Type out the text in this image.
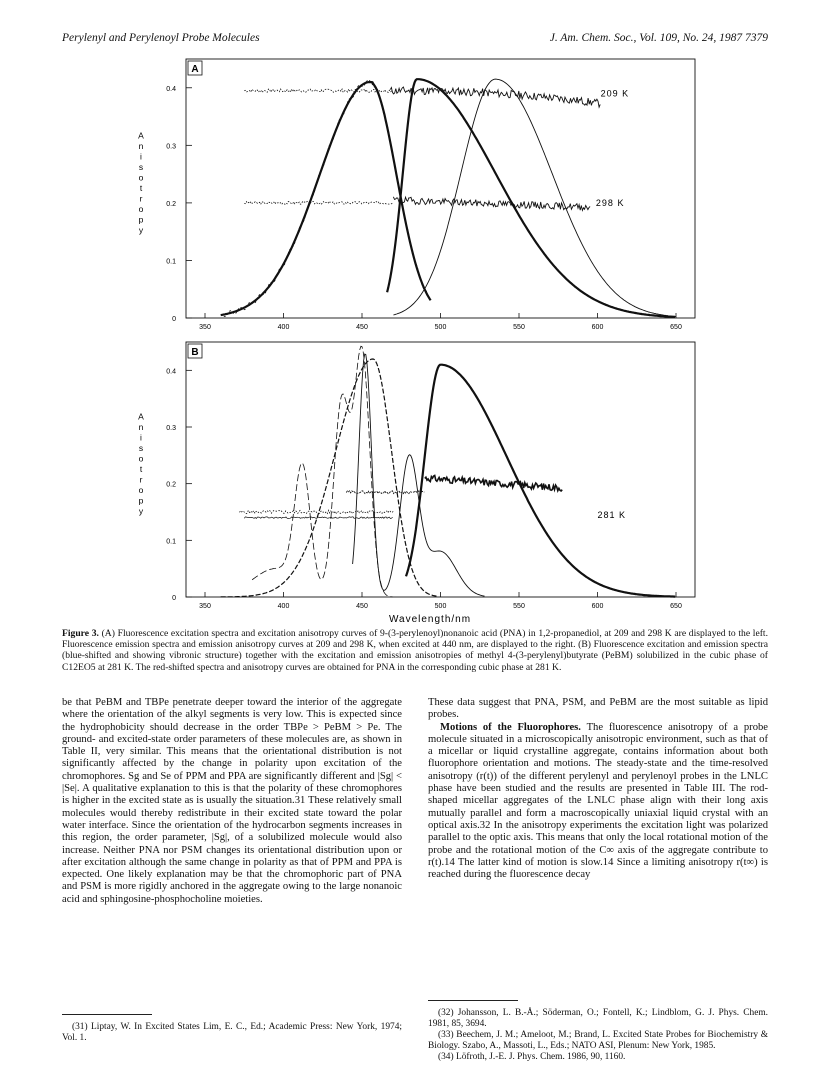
Perylenyl and Perylenoyl Probe Molecules	J. Am. Chem. Soc., Vol. 109, No. 24, 1987 7379
A
0
0.1
0.2
0.3
0.4
350	400	450	500	550	600	650
A
n
i
s
o
t
r
o
p
y
209 K
298 K
B
0
0.1
0.2
0.3
0.4
350	400	450	500	550	600	650
A
n
i
s
o
t
r
o
p
y	281 K
Wavelength/nm
Figure 3. (A) Fluorescence excitation spectra and excitation anisotropy curves of 9-(3-perylenoyl)nonanoic acid (PNA) in 1,2-propanediol, at 209 and 298 K are displayed to the left. Fluorescence emission spectra and emission anisotropy curves at 209 and 298 K, when excited at 440 nm, are displayed to the right. (B) Fluorescence excitation and emission spectra (blue-shifted and showing vibronic structure) together with the excitation and emission anisotropies of methyl 4-(3-perylenyl)butyrate (PeBM) solubilized in the cubic phase of C12EO5 at 281 K. The red-shifted spectra and anisotropy curves are obtained for PNA in the corresponding cubic phase at 281 K.

be that PeBM and TBPe penetrate deeper toward the interior of the aggregate where the orientation of the alkyl segments is very low. This is expected since the hydrophobicity should decrease in the order TBPe > PeBM > Pe. The ground- and excited-state order parameters of these molecules are, as shown in Table II, very similar. This means that the orientational distribution is not significantly affected by the change in polarity upon excitation of the chromophores. Sg and Se of PPM and PPA are significantly different and |Sg| < |Se|. A qualitative explanation to this is that the polarity of these chromophores is higher in the excited state as is usually the situation.31 These relatively small molecules would thereby redistribute in their excited state toward the polar water interface. Since the orientation of the hydrocarbon segments increases in this region, the order parameter, |Sg|, of a solubilized molecule would also increase. Neither PNA nor PSM changes its orientational distribution upon or after excitation although the same change in polarity as that of PPM and PPA is expected. One likely explanation may be that the chromophoric part of PNA and PSM is more rigidly anchored in the aggregate owing to the large nonanoic acid and sphingosine-phosphocholine moieties.

(31) Liptay, W. In Excited States Lim, E. C., Ed.; Academic Press: New York, 1974; Vol. 1.

These data suggest that PNA, PSM, and PeBM are the most suitable as lipid probes.

Motions of the Fluorophores. The fluorescence anisotropy of a probe molecule situated in a microscopically anisotropic environment, such as that of a micellar or liquid crystalline aggregate, contains information about both fluorophore orientation and motions. The steady-state and the time-resolved anisotropy (r(t)) of the different perylenyl and perylenoyl probes in the LNLC phase have been studied and the results are presented in Table III. The rod-shaped micellar aggregates of the LNLC phase align with their long axis mutually parallel and form a macroscopically uniaxial liquid crystal with an optical axis.32 In the anisotropy experiments the excitation light was polarized parallel to the optic axis. This means that only the local rotational motion of the probe and the rotational motion of the C∞ axis of the aggregate contribute to r(t).14 The latter kind of motion is slow.14 Since a limiting anisotropy r(t∞) is reached during the fluorescence decay

(32) Johansson, L. B.-Å.; Söderman, O.; Fontell, K.; Lindblom, G. J. Phys. Chem. 1981, 85, 3694.

(33) Beechem, J. M.; Ameloot, M.; Brand, L. Excited State Probes for Biochemistry & Biology. Szabo, A., Massoti, L., Eds.; NATO ASI, Plenum: New York, 1985.

(34) Löfroth, J.-E. J. Phys. Chem. 1986, 90, 1160.
